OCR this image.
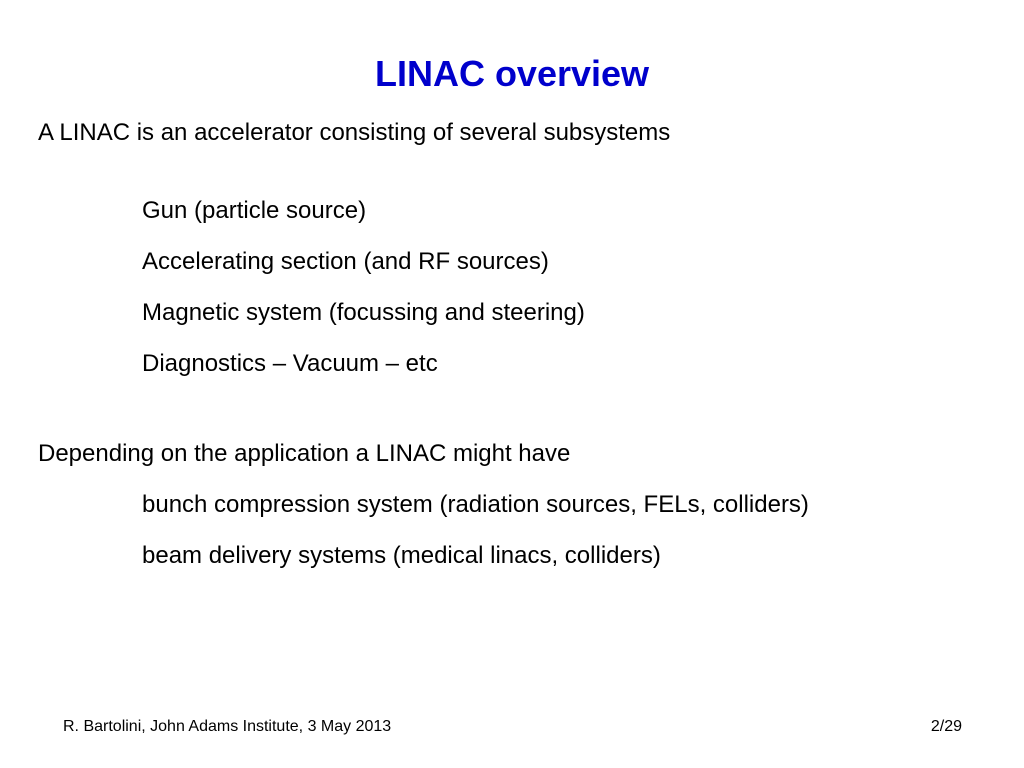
LINAC overview
A LINAC is an accelerator consisting of several subsystems
Gun (particle source)
Accelerating section (and RF sources)
Magnetic system (focussing and steering)
Diagnostics – Vacuum – etc
Depending on the application a LINAC might have
bunch compression system (radiation sources, FELs, colliders)
beam delivery systems (medical linacs, colliders)
R. Bartolini, John Adams Institute, 3 May 2013	2/29
